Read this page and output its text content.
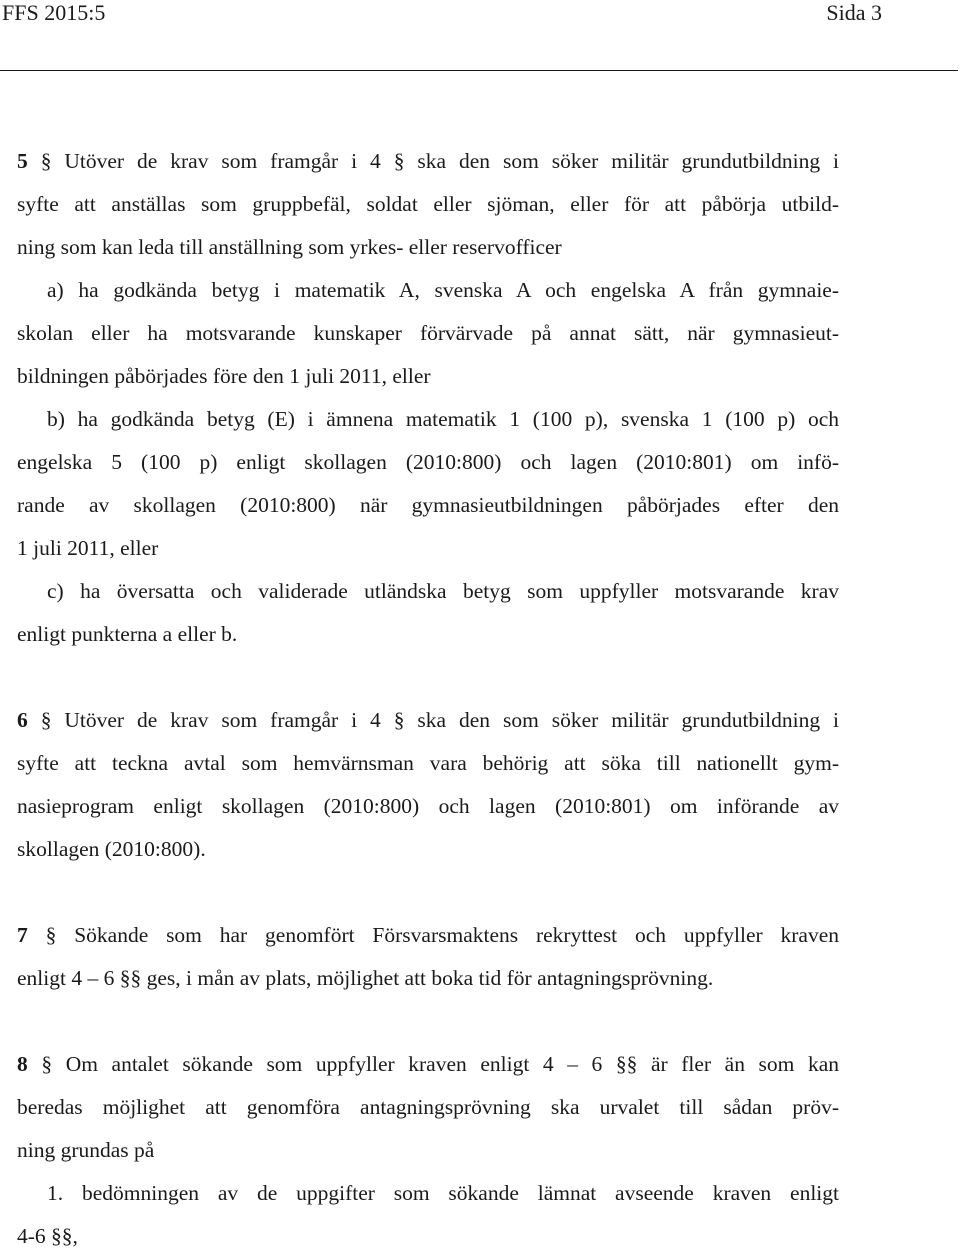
FFS 2015:5	Sida 3
5 § Utöver de krav som framgår i 4 § ska den som söker militär grundutbildning i
syfte att anställas som gruppbefäl, soldat eller sjöman, eller för att påbörja utbild-
ning som kan leda till anställning som yrkes- eller reservofficer
a) ha godkända betyg i matematik A, svenska A och engelska A från gymnaie-
skolan eller ha motsvarande kunskaper förvärvade på annat sätt, när gymnasieut-
bildningen påbörjades före den 1 juli 2011, eller
b) ha godkända betyg (E) i ämnena matematik 1 (100 p), svenska 1 (100 p) och
engelska 5 (100 p) enligt skollagen (2010:800) och lagen (2010:801) om infö-
rande av skollagen (2010:800) när gymnasieutbildningen påbörjades efter den
1 juli 2011, eller
c) ha översatta och validerade utländska betyg som uppfyller motsvarande krav
enligt punkterna a eller b.
6 § Utöver de krav som framgår i 4 § ska den som söker militär grundutbildning i
syfte att teckna avtal som hemvärnsman vara behörig att söka till nationellt gym-
nasieprogram enligt skollagen (2010:800) och lagen (2010:801) om införande av
skollagen (2010:800).
7 § Sökande som har genomfört Försvarsmaktens rekryttest och uppfyller kraven
enligt 4 – 6 §§ ges, i mån av plats, möjlighet att boka tid för antagningsprövning.
8 § Om antalet sökande som uppfyller kraven enligt 4 – 6 §§ är fler än som kan
beredas möjlighet att genomföra antagningsprövning ska urvalet till sådan pröv-
ning grundas på
1. bedömningen av de uppgifter som sökande lämnat avseende kraven enligt
4-6 §§,
